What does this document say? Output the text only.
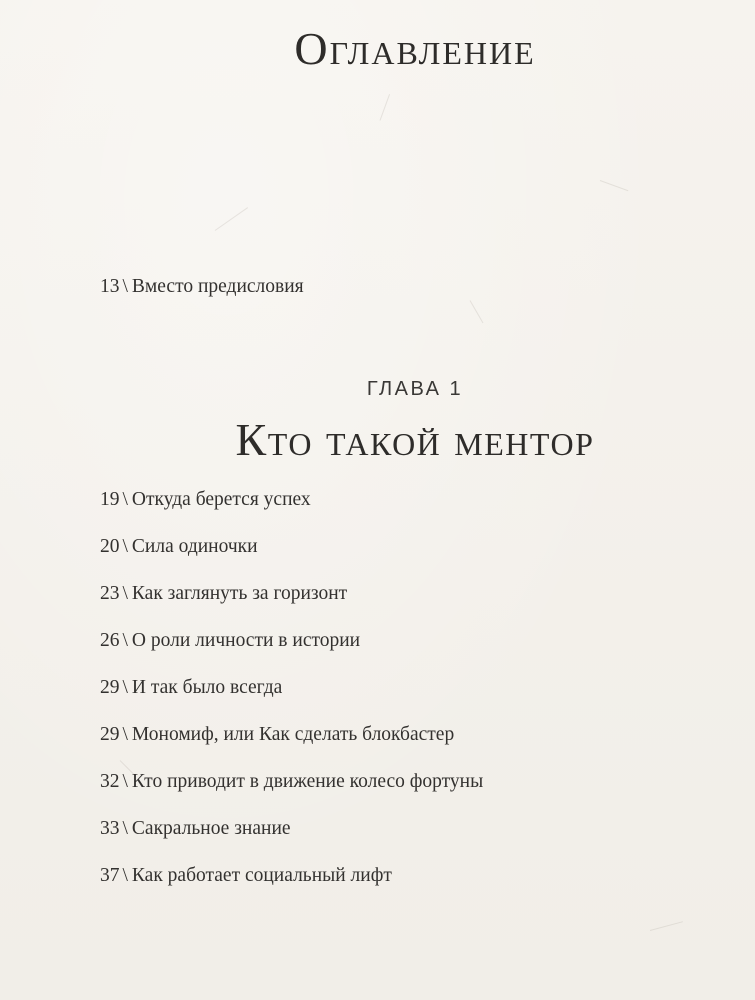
Оглавление
13 \ Вместо предисловия
ГЛАВА 1
Кто такой ментор
19 \ Откуда берется успех
20 \ Сила одиночки
23 \ Как заглянуть за горизонт
26 \ О роли личности в истории
29 \ И так было всегда
29 \ Мономиф, или Как сделать блокбастер
32 \ Кто приводит в движение колесо фортуны
33 \ Сакральное знание
37 \ Как работает социальный лифт
